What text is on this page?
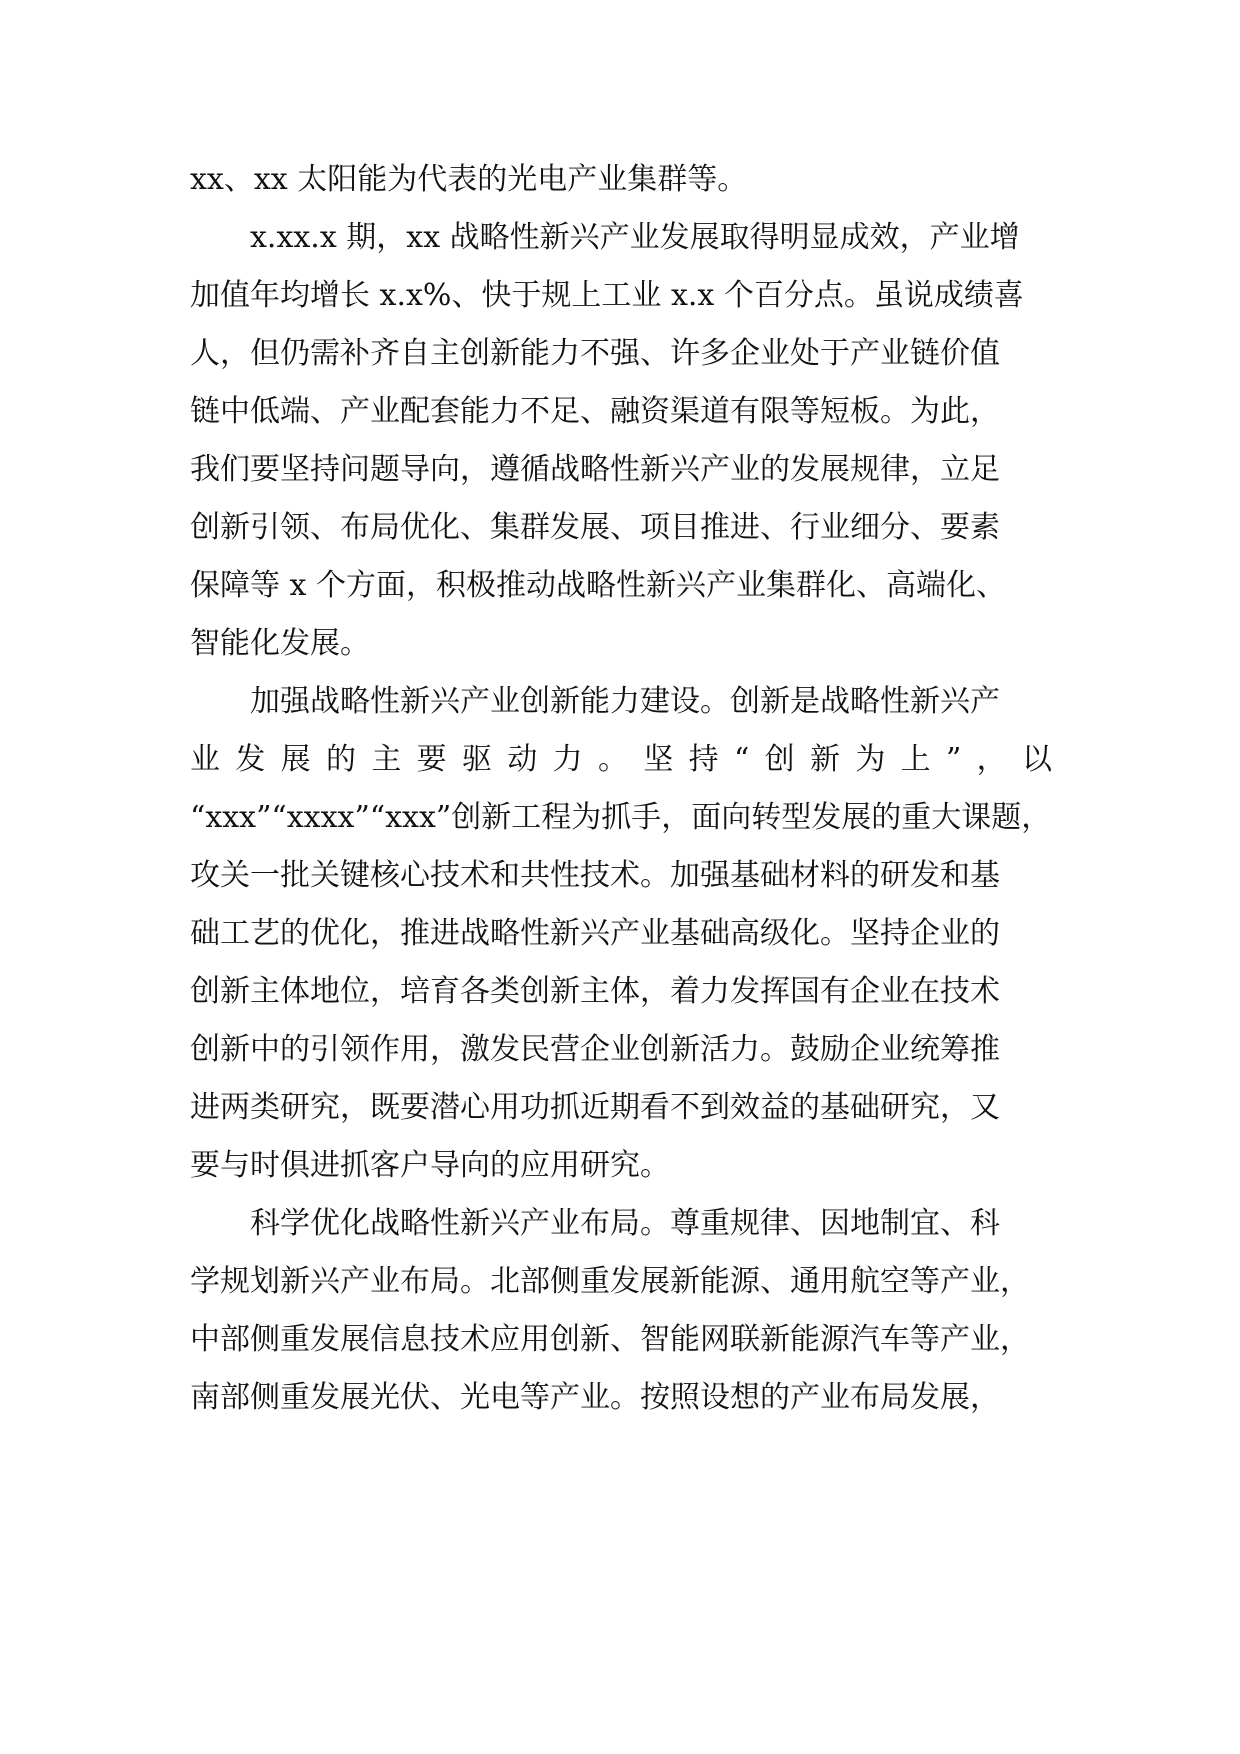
xx、xx 太阳能为代表的光电产业集群等。
x.xx.x 期，xx 战略性新兴产业发展取得明显成效，产业增
加值年均增长 x.x%、快于规上工业 x.x 个百分点。虽说成绩喜
人，但仍需补齐自主创新能力不强、许多企业处于产业链价值
链中低端、产业配套能力不足、融资渠道有限等短板。为此，
我们要坚持问题导向，遵循战略性新兴产业的发展规律，立足
创新引领、布局优化、集群发展、项目推进、行业细分、要素
保障等 x 个方面，积极推动战略性新兴产业集群化、高端化、
智能化发展。
加强战略性新兴产业创新能力建设。创新是战略性新兴产
业发展的主要驱动力。坚持“创新为上”，以
“xxx”“xxxx”“xxx”创新工程为抓手，面向转型发展的重大课题，
攻关一批关键核心技术和共性技术。加强基础材料的研发和基
础工艺的优化，推进战略性新兴产业基础高级化。坚持企业的
创新主体地位，培育各类创新主体，着力发挥国有企业在技术
创新中的引领作用，激发民营企业创新活力。鼓励企业统筹推
进两类研究，既要潜心用功抓近期看不到效益的基础研究，又
要与时俱进抓客户导向的应用研究。
科学优化战略性新兴产业布局。尊重规律、因地制宜、科
学规划新兴产业布局。北部侧重发展新能源、通用航空等产业，
中部侧重发展信息技术应用创新、智能网联新能源汽车等产业，
南部侧重发展光伏、光电等产业。按照设想的产业布局发展，
